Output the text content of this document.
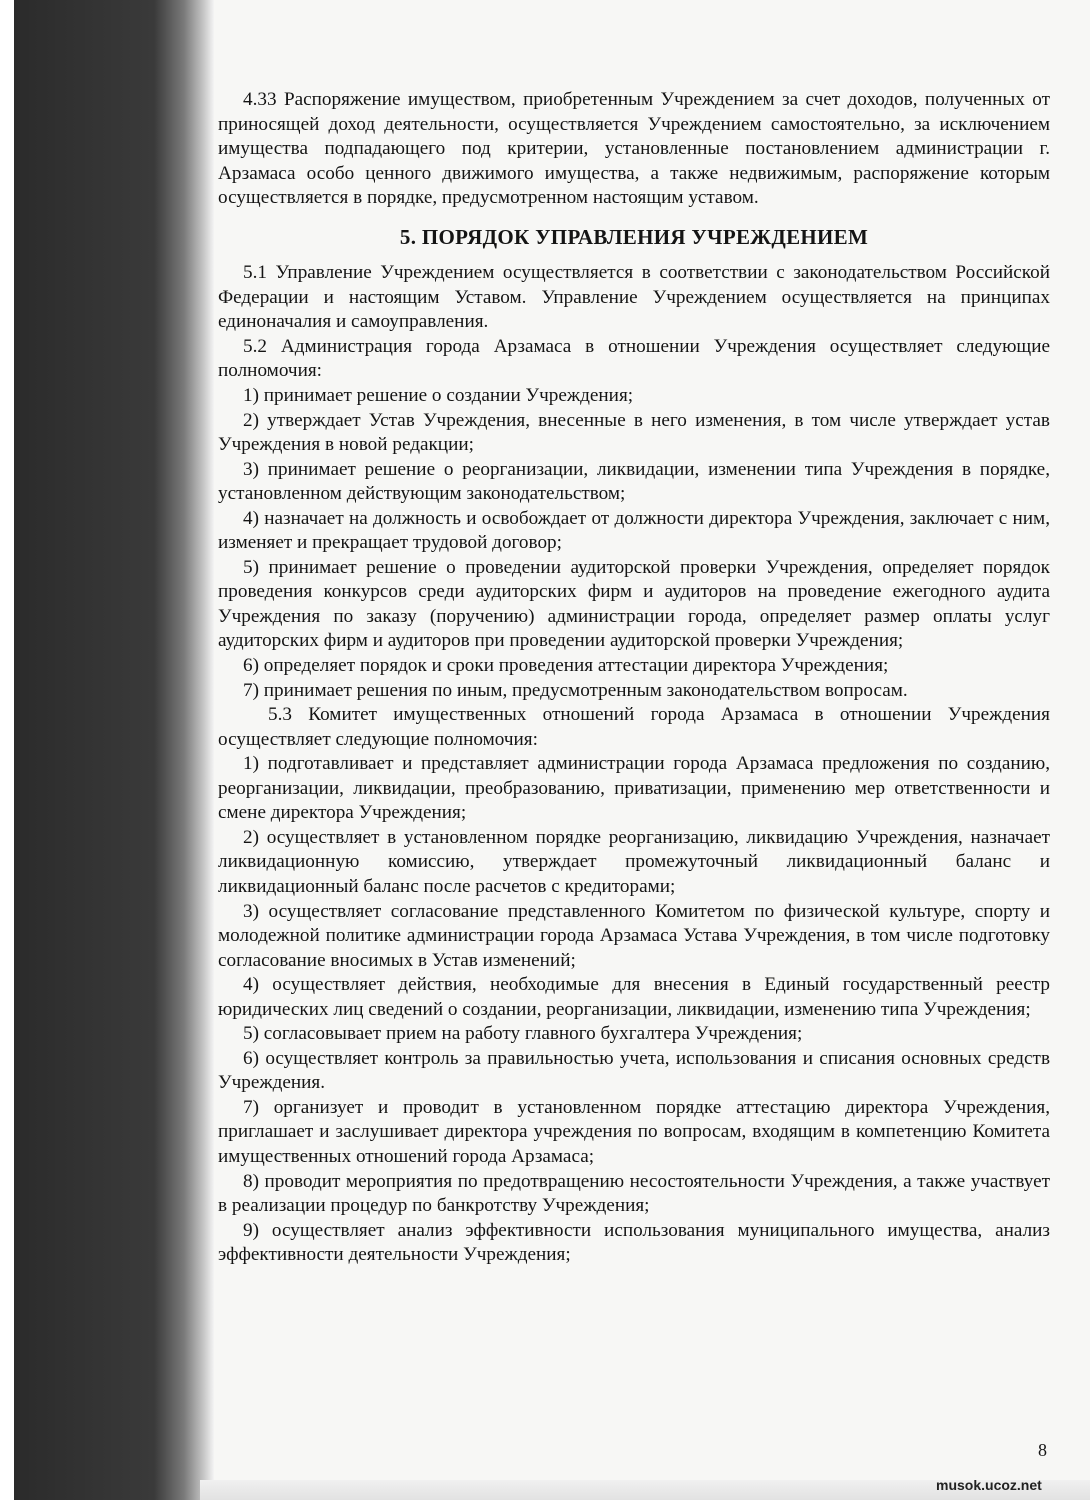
4.33 Распоряжение имуществом, приобретенным Учреждением за счет доходов, полученных от приносящей доход деятельности, осуществляется Учреждением самостоятельно, за исключением имущества подпадающего под критерии, установленные постановлением администрации г. Арзамаса особо ценного движимого имущества, а также недвижимым, распоряжение которым осуществляется в порядке, предусмотренном настоящим уставом.

5. ПОРЯДОК УПРАВЛЕНИЯ УЧРЕЖДЕНИЕМ

5.1 Управление Учреждением осуществляется в соответствии с законодательством Российской Федерации и настоящим Уставом. Управление Учреждением осуществляется на принципах единоначалия и самоуправления.

5.2 Администрация города Арзамаса в отношении Учреждения осуществляет следующие полномочия:

1) принимает решение о создании Учреждения;

2) утверждает Устав Учреждения, внесенные в него изменения, в том числе утверждает устав Учреждения в новой редакции;

3) принимает решение о реорганизации, ликвидации, изменении типа Учреждения в порядке, установленном действующим законодательством;

4) назначает на должность и освобождает от должности директора Учреждения, заключает с ним, изменяет и прекращает трудовой договор;

5) принимает решение о проведении аудиторской проверки Учреждения, определяет порядок проведения конкурсов среди аудиторских фирм и аудиторов на проведение ежегодного аудита Учреждения по заказу (поручению) администрации города, определяет размер оплаты услуг аудиторских фирм и аудиторов при проведении аудиторской проверки Учреждения;

6) определяет порядок и сроки проведения аттестации директора Учреждения;

7) принимает решения по иным, предусмотренным законодательством вопросам.

5.3 Комитет имущественных отношений города Арзамаса в отношении Учреждения осуществляет следующие полномочия:

1) подготавливает и представляет администрации города Арзамаса предложения по созданию, реорганизации, ликвидации, преобразованию, приватизации, применению мер ответственности и смене директора Учреждения;

2) осуществляет в установленном порядке реорганизацию, ликвидацию Учреждения, назначает ликвидационную комиссию, утверждает промежуточный ликвидационный баланс и ликвидационный баланс после расчетов с кредиторами;

3) осуществляет согласование представленного Комитетом по физической культуре, спорту и молодежной политике администрации города Арзамаса Устава Учреждения, в том числе подготовку согласование вносимых в Устав изменений;

4) осуществляет действия, необходимые для внесения в Единый государственный реестр юридических лиц сведений о создании, реорганизации, ликвидации, изменению типа Учреждения;

5) согласовывает прием на работу главного бухгалтера Учреждения;

6) осуществляет контроль за правильностью учета, использования и списания основных средств Учреждения.

7) организует и проводит в установленном порядке аттестацию директора Учреждения, приглашает и заслушивает директора учреждения по вопросам, входящим в компетенцию Комитета имущественных отношений города Арзамаса;

8) проводит мероприятия по предотвращению несостоятельности Учреждения, а также участвует в реализации процедур по банкротству Учреждения;

9) осуществляет анализ эффективности использования муниципального имущества, анализ эффективности деятельности Учреждения;

8
musok.ucoz.net
